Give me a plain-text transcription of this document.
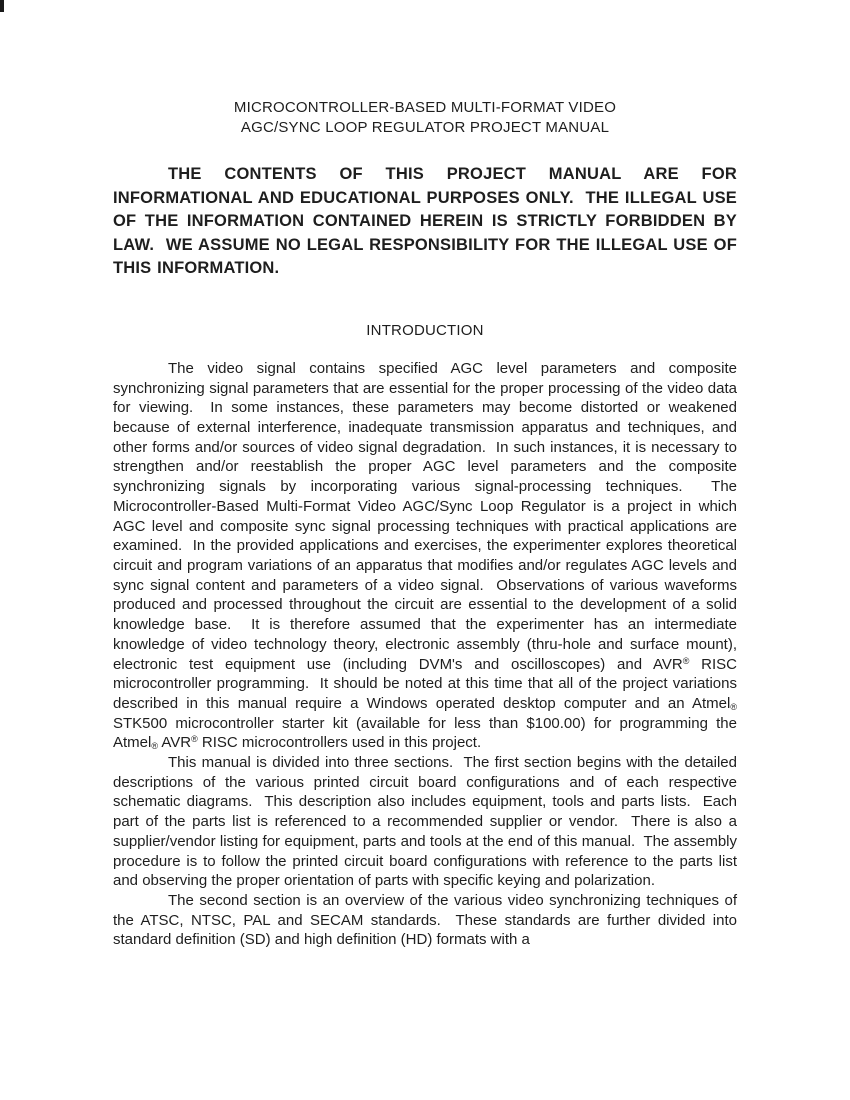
MICROCONTROLLER-BASED MULTI-FORMAT VIDEO
AGC/SYNC LOOP REGULATOR PROJECT MANUAL

THE CONTENTS OF THIS PROJECT MANUAL ARE FOR INFORMATIONAL AND EDUCATIONAL PURPOSES ONLY.  THE ILLEGAL USE OF THE INFORMATION CONTAINED HEREIN IS STRICTLY FORBIDDEN BY LAW.  WE ASSUME NO LEGAL RESPONSIBILITY FOR THE ILLEGAL USE OF THIS INFORMATION.

INTRODUCTION

The video signal contains specified AGC level parameters and composite synchronizing signal parameters that are essential for the proper processing of the video data for viewing.  In some instances, these parameters may become distorted or weakened because of external interference, inadequate transmission apparatus and techniques, and other forms and/or sources of video signal degradation.  In such instances, it is necessary to strengthen and/or reestablish the proper AGC level parameters and the composite synchronizing signals by incorporating various signal-processing techniques.  The Microcontroller-Based Multi-Format Video AGC/Sync Loop Regulator is a project in which AGC level and composite sync signal processing techniques with practical applications are examined.  In the provided applications and exercises, the experimenter explores theoretical circuit and program variations of an apparatus that modifies and/or regulates AGC levels and sync signal content and parameters of a video signal.  Observations of various waveforms produced and processed throughout the circuit are essential to the development of a solid knowledge base.  It is therefore assumed that the experimenter has an intermediate knowledge of video technology theory, electronic assembly (thru-hole and surface mount), electronic test equipment use (including DVM's and oscilloscopes) and AVR® RISC microcontroller programming.  It should be noted at this time that all of the project variations described in this manual require a Windows operated desktop computer and an Atmel$_®$ STK500 microcontroller starter kit (available for less than $100.00) for programming the Atmel$_®$ AVR® RISC microcontrollers used in this project.

This manual is divided into three sections.  The first section begins with the detailed descriptions of the various printed circuit board configurations and of each respective schematic diagrams.  This description also includes equipment, tools and parts lists.  Each part of the parts list is referenced to a recommended supplier or vendor.  There is also a supplier/vendor listing for equipment, parts and tools at the end of this manual.  The assembly procedure is to follow the printed circuit board configurations with reference to the parts list and observing the proper orientation of parts with specific keying and polarization.

The second section is an overview of the various video synchronizing techniques of the ATSC, NTSC, PAL and SECAM standards.  These standards are further divided into standard definition (SD) and high definition (HD) formats with a
